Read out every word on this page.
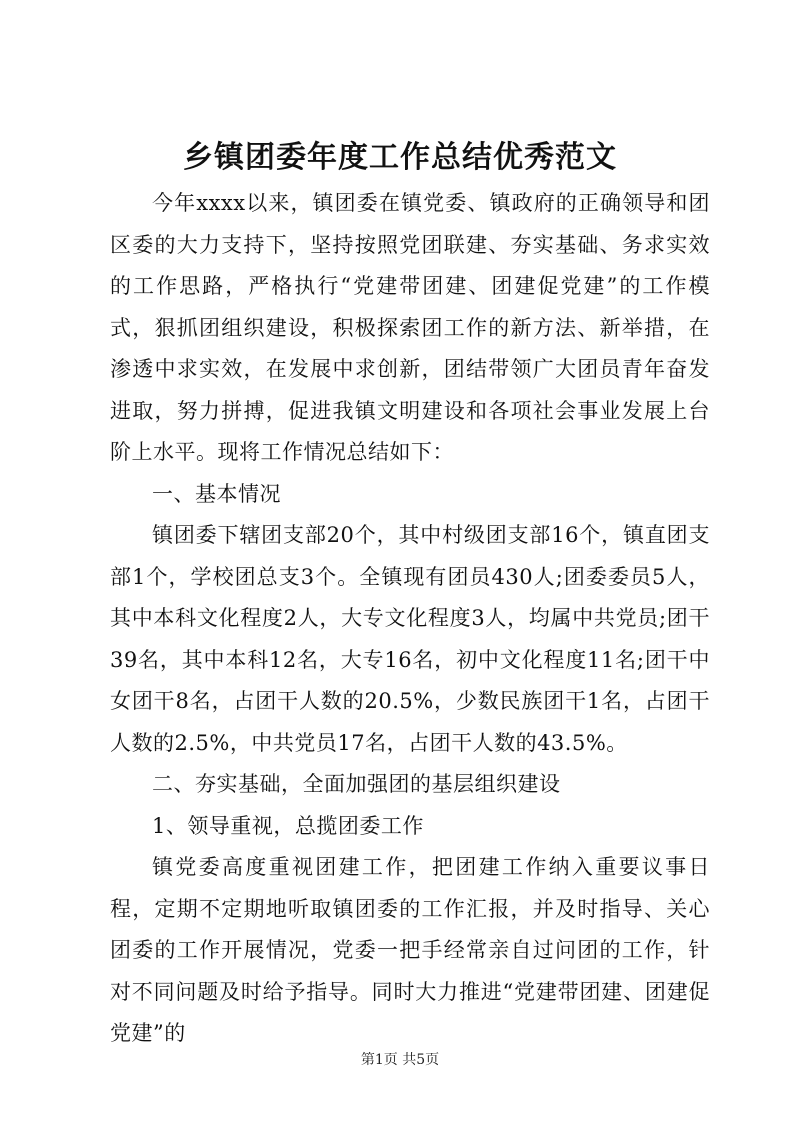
乡镇团委年度工作总结优秀范文

今年xxxx以来，镇团委在镇党委、镇政府的正确领导和团区委的大力支持下，坚持按照党团联建、夯实基础、务求实效的工作思路，严格执行“党建带团建、团建促党建”的工作模式，狠抓团组织建设，积极探索团工作的新方法、新举措，在渗透中求实效，在发展中求创新，团结带领广大团员青年奋发进取，努力拼搏，促进我镇文明建设和各项社会事业发展上台阶上水平。现将工作情况总结如下：

一、基本情况

镇团委下辖团支部20个，其中村级团支部16个，镇直团支部1个，学校团总支3个。全镇现有团员430人;团委委员5人，其中本科文化程度2人，大专文化程度3人，均属中共党员;团干39名，其中本科12名，大专16名，初中文化程度11名;团干中女团干8名，占团干人数的20.5%，少数民族团干1名，占团干人数的2.5%，中共党员17名，占团干人数的43.5%。

二、夯实基础，全面加强团的基层组织建设

1、领导重视，总揽团委工作

镇党委高度重视团建工作，把团建工作纳入重要议事日程，定期不定期地听取镇团委的工作汇报，并及时指导、关心团委的工作开展情况，党委一把手经常亲自过问团的工作，针对不同问题及时给予指导。同时大力推进“党建带团建、团建促党建”的

第1页 共5页
